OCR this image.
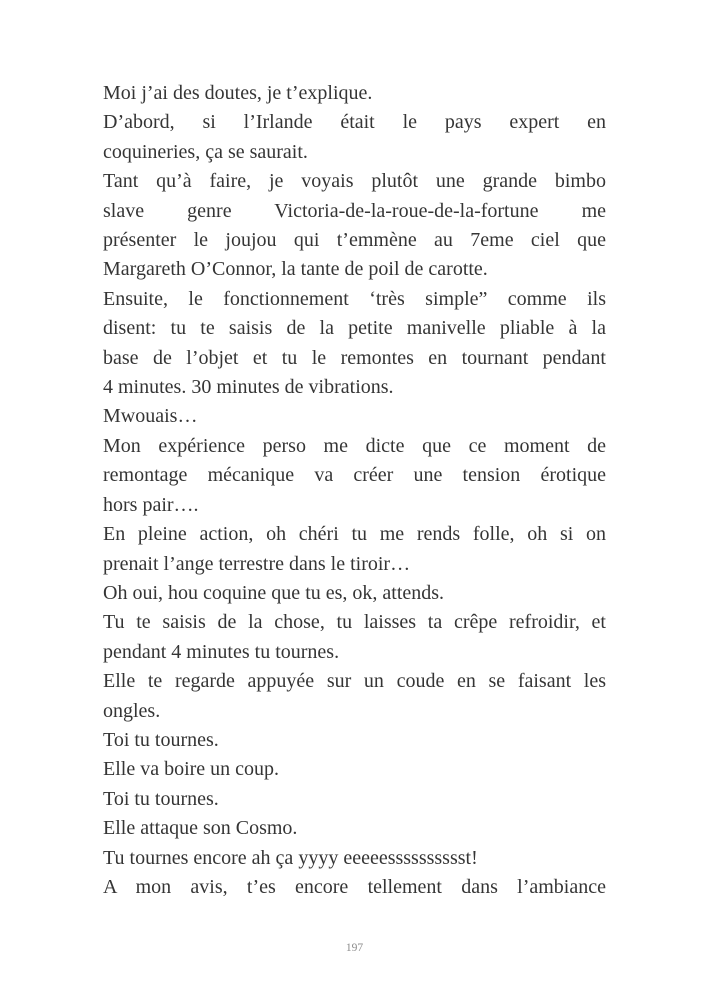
Moi j’ai des doutes, je t’explique.
D’abord, si l’Irlande était le pays expert en
coquineries, ça se saurait.
Tant qu’à faire, je voyais plutôt une grande bimbo
slave genre Victoria-de-la-roue-de-la-fortune me
présenter le joujou qui t’emmène au 7eme ciel que
Margareth O’Connor, la tante de poil de carotte.
Ensuite, le fonctionnement ‘très simple” comme ils
disent: tu te saisis de la petite manivelle pliable à la
base de l’objet et tu le remontes en tournant pendant
4 minutes. 30 minutes de vibrations.
Mwouais…
Mon expérience perso me dicte que ce moment de
remontage mécanique va créer une tension érotique
hors pair….
En pleine action, oh chéri tu me rends folle, oh si on
prenait l’ange terrestre dans le tiroir…
Oh oui, hou coquine que tu es, ok, attends.
Tu te saisis de la chose, tu laisses ta crêpe refroidir, et
pendant 4 minutes tu tournes.
Elle te regarde appuyée sur un coude en se faisant les
ongles.
Toi tu tournes.
Elle va boire un coup.
Toi tu tournes.
Elle attaque son Cosmo.
Tu tournes encore ah ça yyyy eeeeesssssssssst!
A mon avis, t’es encore tellement dans l’ambiance
197
